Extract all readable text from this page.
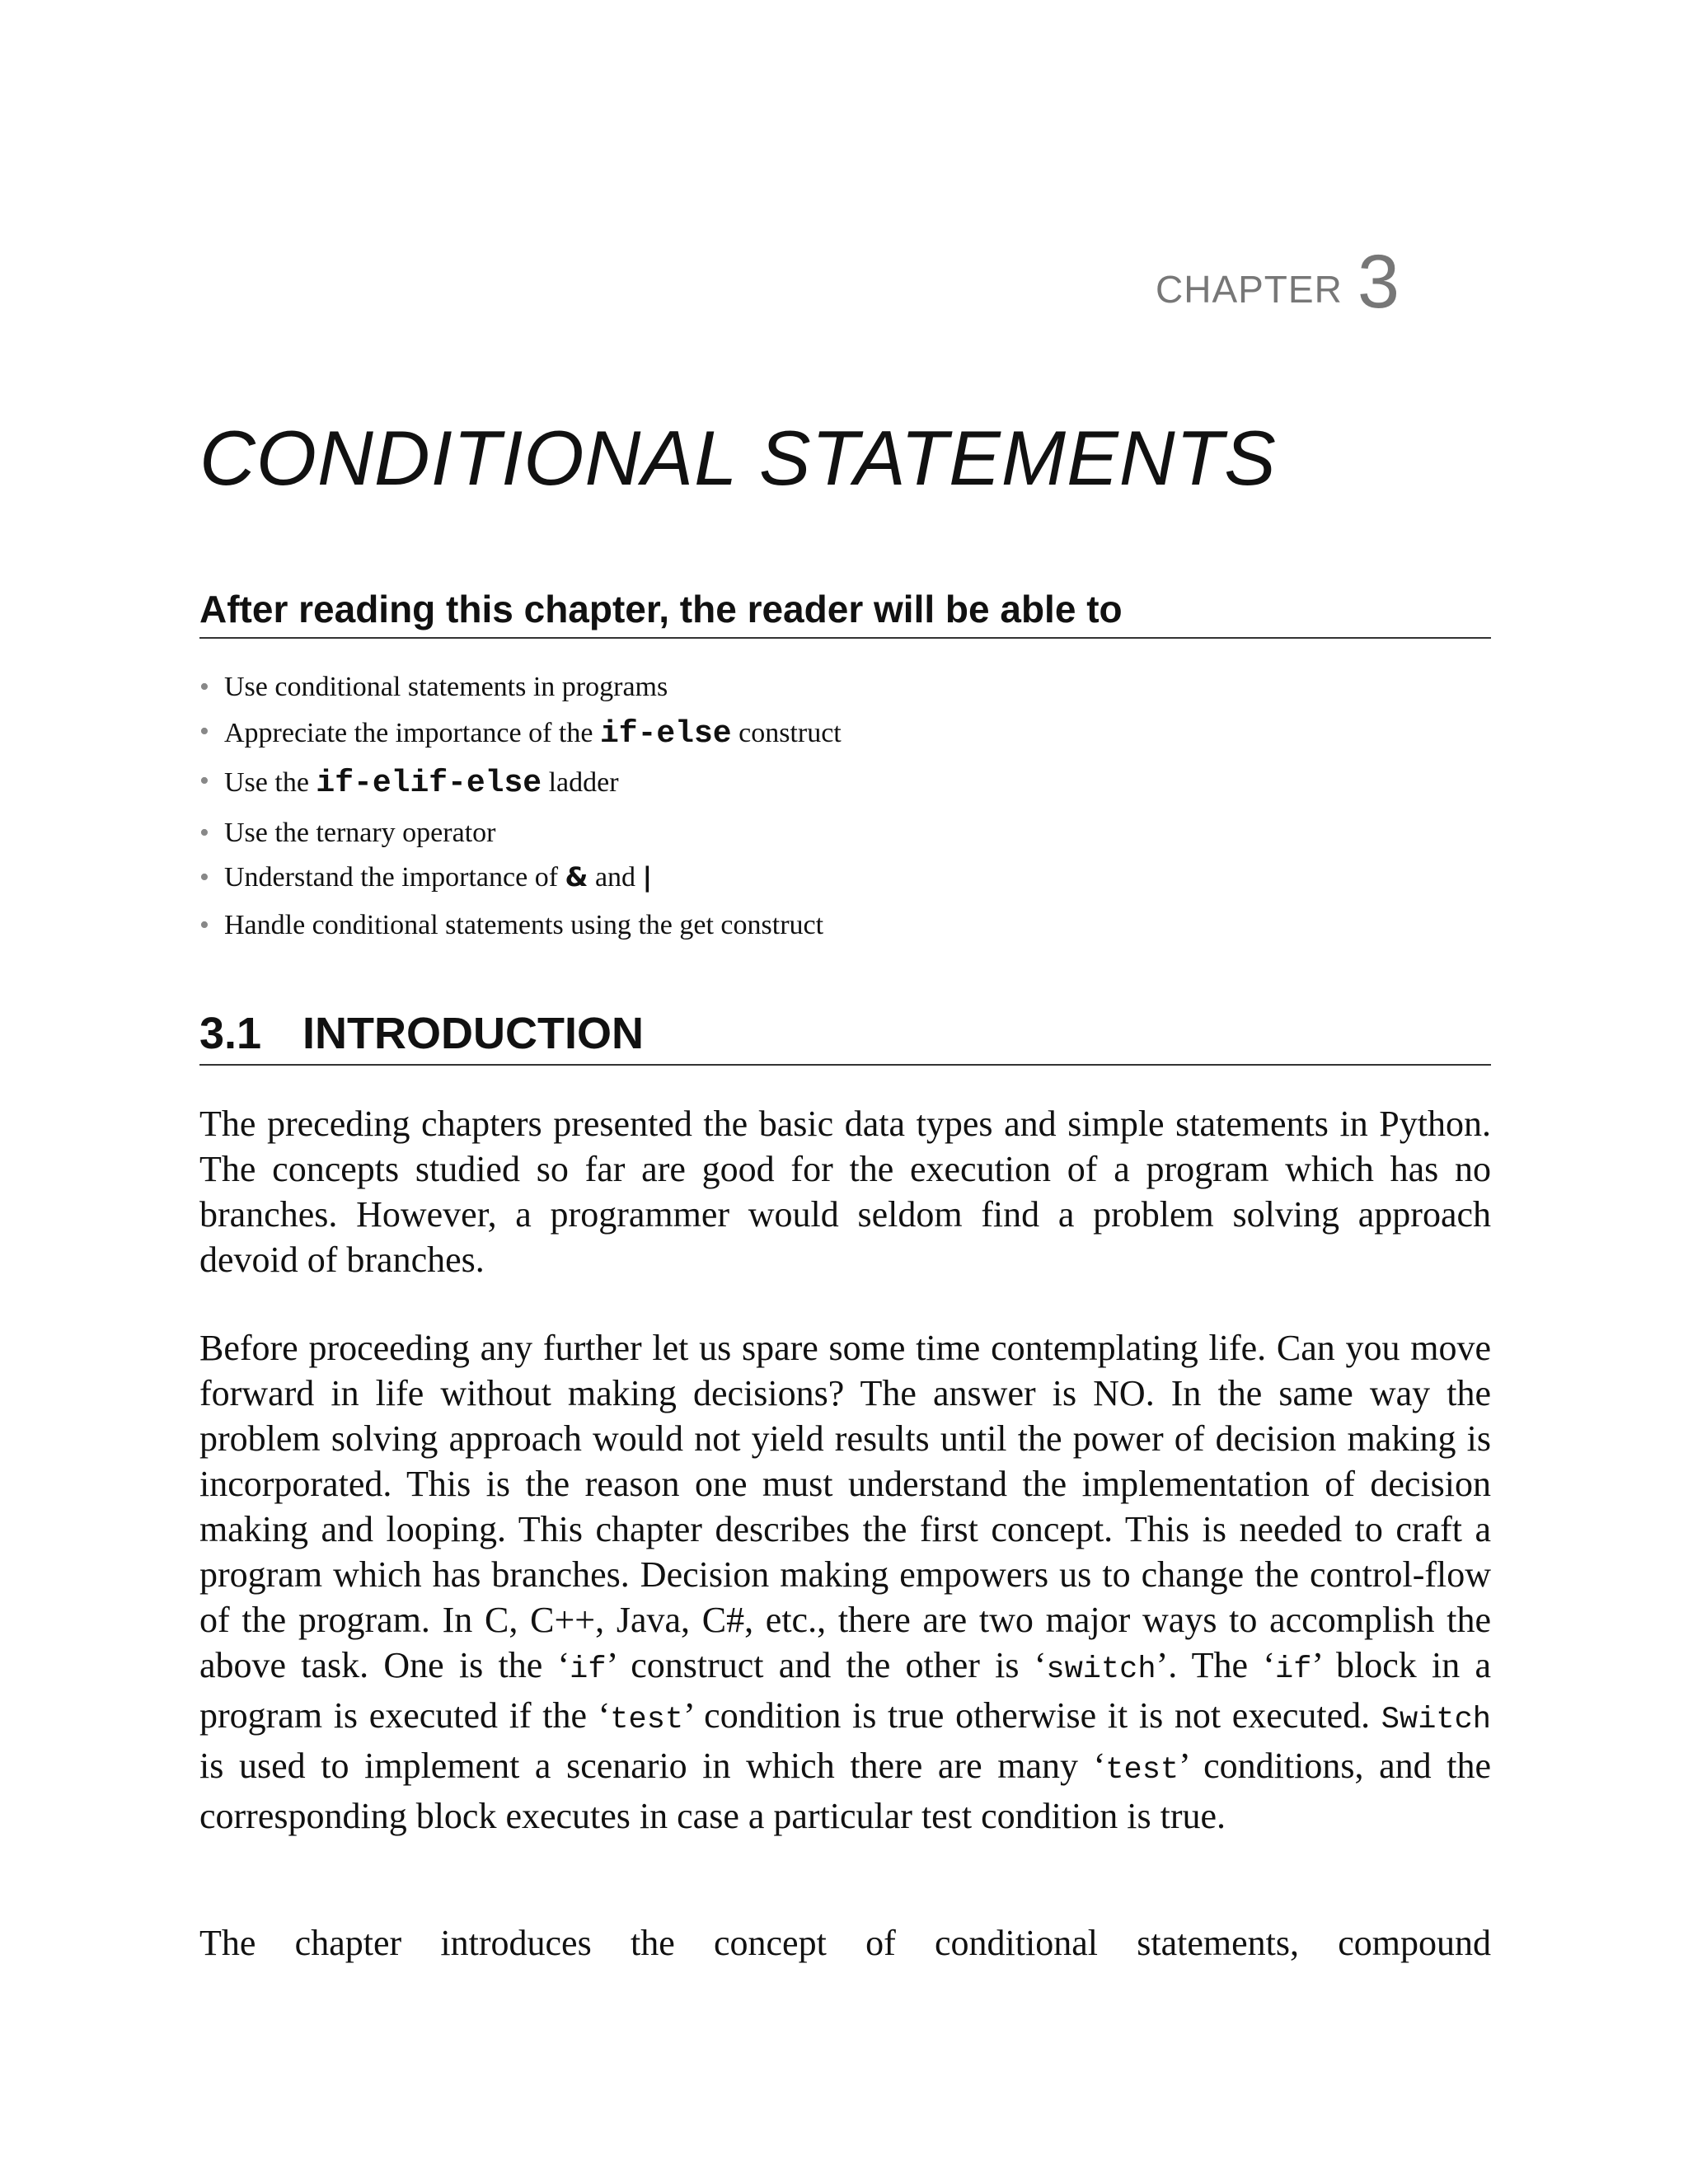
CHAPTER 3
CONDITIONAL STATEMENTS
After reading this chapter, the reader will be able to
• Use conditional statements in programs
• Appreciate the importance of the if-else construct
• Use the if-elif-else ladder
• Use the ternary operator
• Understand the importance of & and |
• Handle conditional statements using the get construct
3.1 INTRODUCTION

The preceding chapters presented the basic data types and simple statements in Python. The concepts studied so far are good for the execution of a program which has no branches. However, a programmer would seldom find a problem solving approach devoid of branches.

Before proceeding any further let us spare some time contemplating life. Can you move forward in life without making decisions? The answer is NO. In the same way the problem solving approach would not yield results until the power of decision making is incorporated. This is the reason one must understand the implementation of decision making and looping. This chapter describes the first concept. This is needed to craft a program which has branches. Decision making empowers us to change the control-flow of the program. In C, C++, Java, C#, etc., there are two major ways to accomplish the above task. One is the ‘if’ construct and the other is ‘switch’. The ‘if’ block in a program is executed if the ‘test’ condition is true otherwise it is not executed. Switch is used to implement a scenario in which there are many ‘test’ conditions, and the corresponding block executes in case a particular test condition is true.

The chapter introduces the concept of conditional statements, compound
